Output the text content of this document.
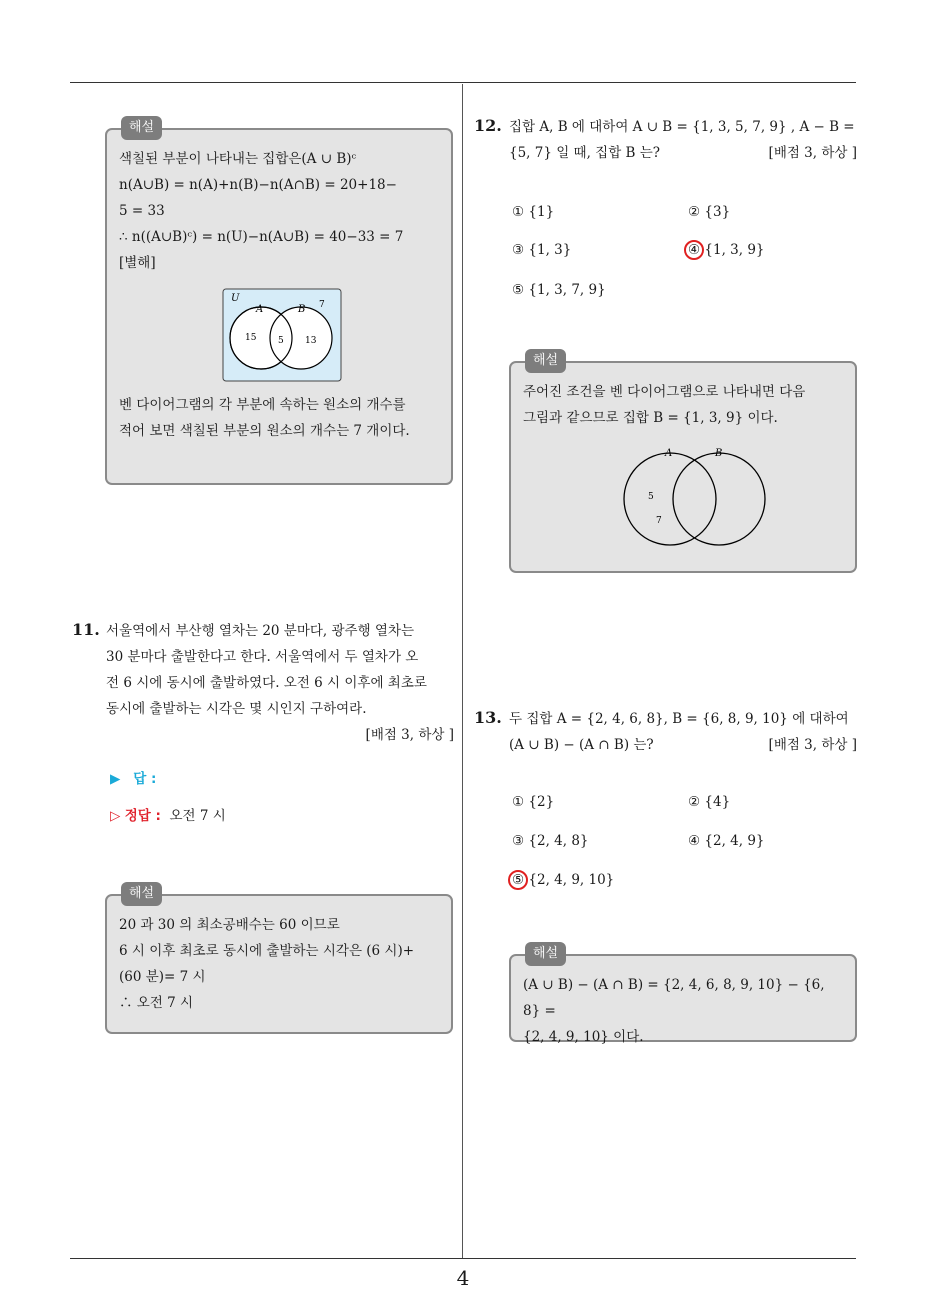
4
해설
색칠된 부분이 나타내는 집합은(A ∪ B)ᶜ
n(A∪B) = n(A)+n(B)−n(A∩B) = 20+18−
5 = 33
∴ n((A∪B)ᶜ) = n(U)−n(A∪B) = 40−33 = 7
[별해]
U
A	B 7
15 5 13
벤 다이어그램의 각 부분에 속하는 원소의 개수를
적어 보면 색칠된 부분의 원소의 개수는 7 개이다.
11. 서울역에서 부산행 열차는 20 분마다, 광주행 열차는
30 분마다 출발한다고 한다. 서울역에서 두 열차가 오
전 6 시에 동시에 출발하였다. 오전 6 시 이후에 최초로
동시에 출발하는 시각은 몇 시인지 구하여라.
[배점 3, 하상 ]
▶ 답 :
▷ 정답 : 오전 7 시
해설
20 과 30 의 최소공배수는 60 이므로
6 시 이후 최초로 동시에 출발하는 시각은 (6 시)+
(60 분)= 7 시
∴ 오전 7 시
12. 집합 A, B 에 대하여 A ∪ B = {1, 3, 5, 7, 9} , A − B =
{5, 7} 일 때, 집합 B 는?	[배점 3, 하상 ]
① {1}	② {3}
③ {1, 3}	④ {1, 3, 9}
⑤ {1, 3, 7, 9}
해설
주어진 조건을 벤 다이어그램으로 나타내면 다음
그림과 같으므로 집합 B = {1, 3, 9} 이다.
A	B
5
7
13. 두 집합 A = {2, 4, 6, 8}, B = {6, 8, 9, 10} 에 대하여
(A ∪ B) − (A ∩ B) 는?	[배점 3, 하상 ]
① {2}	② {4}
③ {2, 4, 8}	④ {2, 4, 9}
⑤ {2, 4, 9, 10}
해설
(A ∪ B) − (A ∩ B) = {2, 4, 6, 8, 9, 10} − {6, 8} =
{2, 4, 9, 10} 이다.
